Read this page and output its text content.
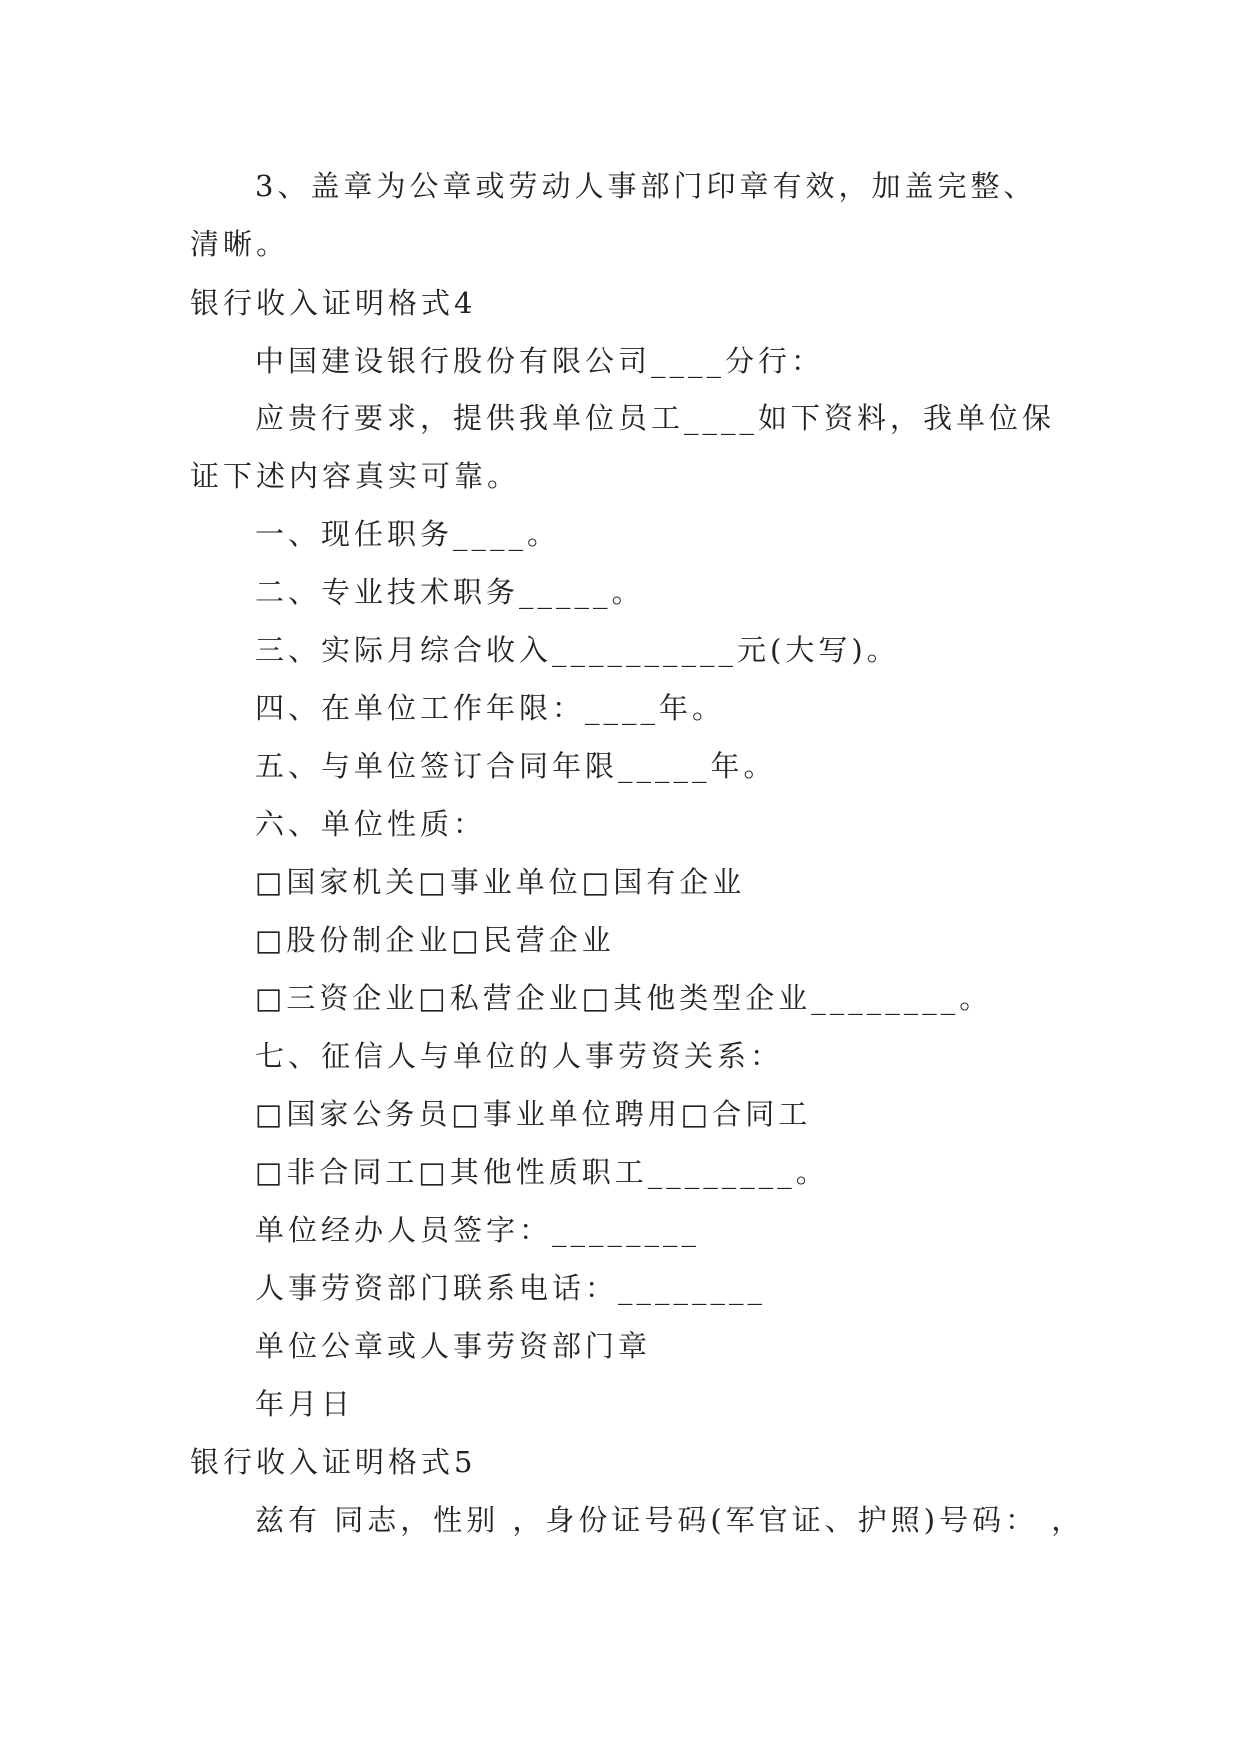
3、盖章为公章或劳动人事部门印章有效，加盖完整、
清晰。
银行收入证明格式4
中国建设银行股份有限公司____分行：
应贵行要求，提供我单位员工____如下资料，我单位保
证下述内容真实可靠。
一、现任职务____。
二、专业技术职务_____。
三、实际月综合收入__________元(大写)。
四、在单位工作年限：____年。
五、与单位签订合同年限_____年。
六、单位性质：
□国家机关□事业单位□国有企业
□股份制企业□民营企业
□三资企业□私营企业□其他类型企业________。
七、征信人与单位的人事劳资关系：
□国家公务员□事业单位聘用□合同工
□非合同工□其他性质职工________。
单位经办人员签字：________
人事劳资部门联系电话：________
单位公章或人事劳资部门章
年月日
银行收入证明格式5
兹有 同志，性别 ，身份证号码(军官证、护照)号码： ，
